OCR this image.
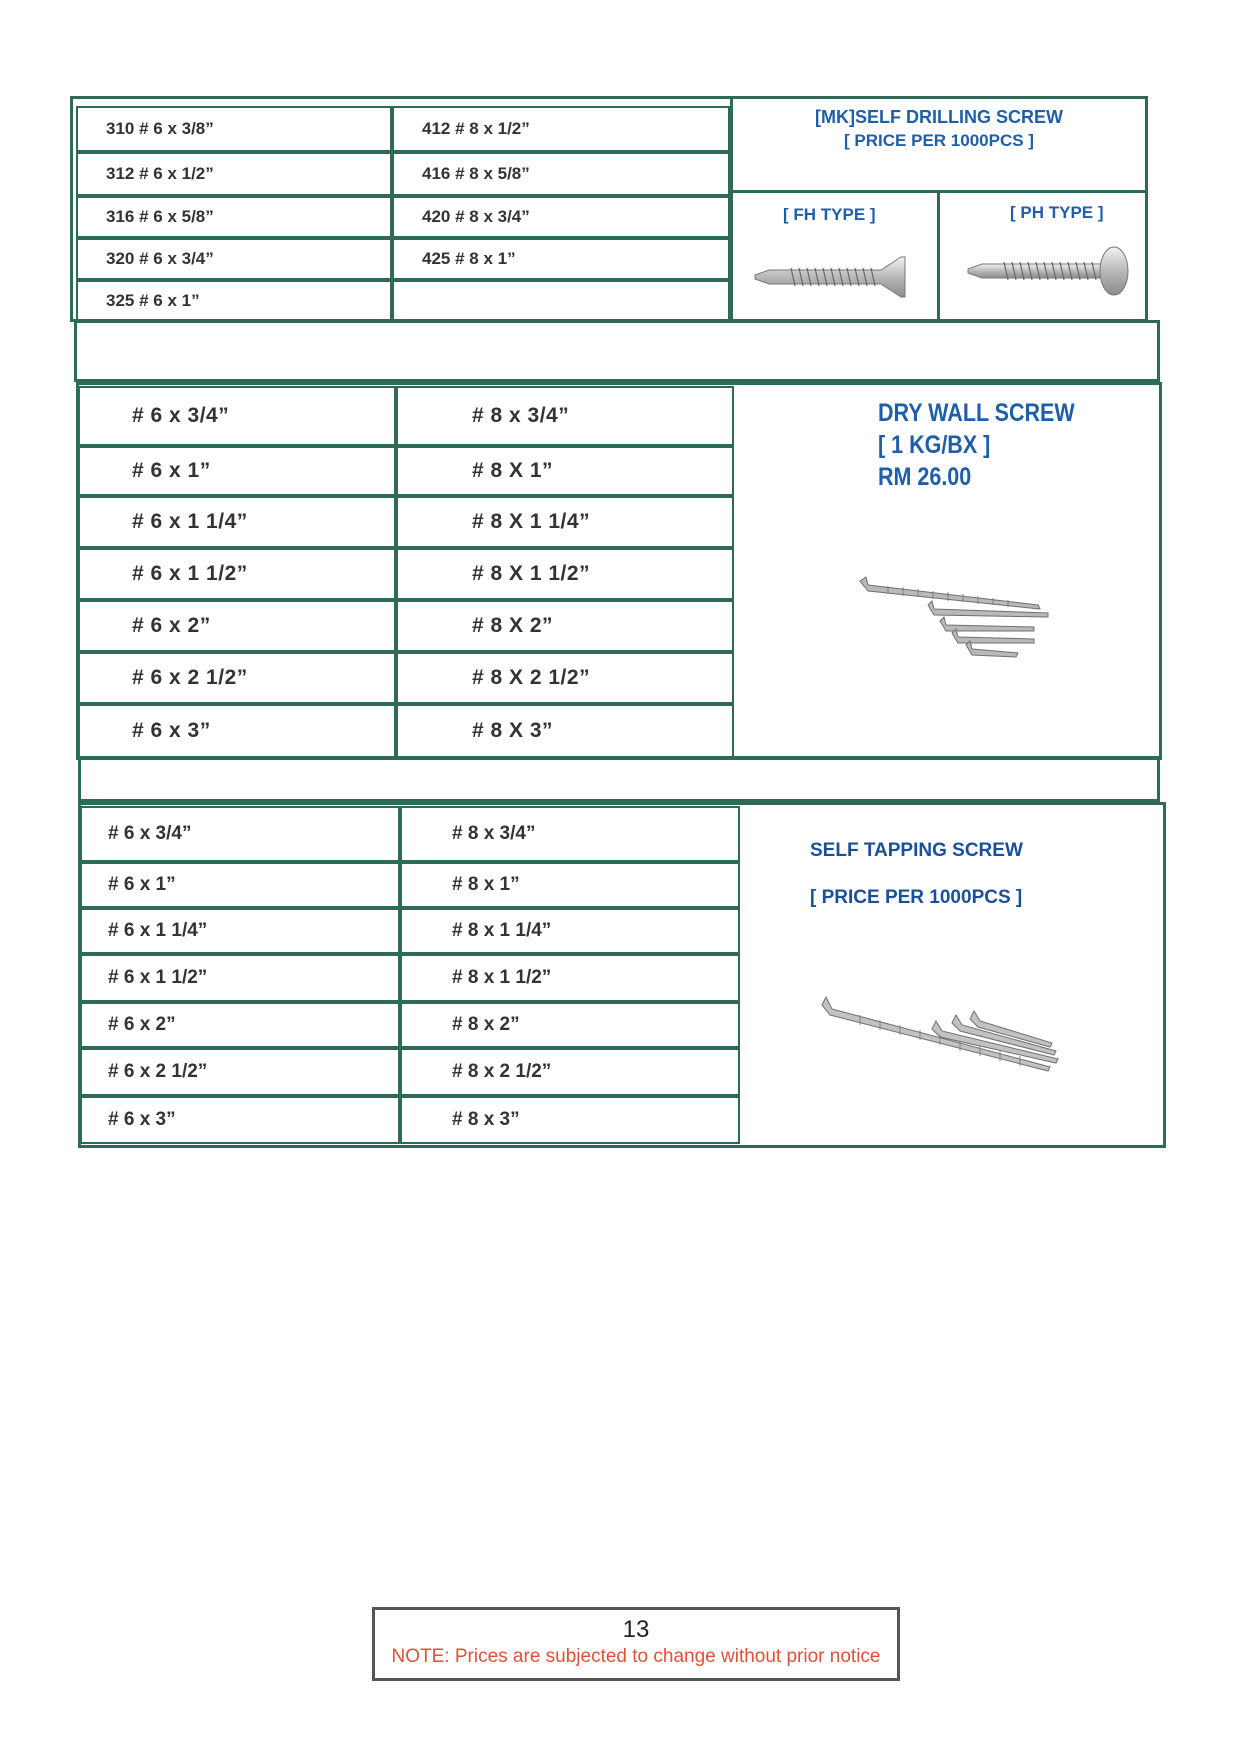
310 # 6 x 3/8”
312 # 6 x 1/2”
316 # 6 x 5/8”
320 # 6 x 3/4”
325 # 6 x 1”
412 # 8 x 1/2”
416 # 8 x 5/8”
420 # 8 x 3/4”
425 # 8 x 1”
[MK]SELF DRILLING SCREW
[ PRICE PER 1000PCS ]
[ FH TYPE ]	[ PH TYPE ]
# 6 x 3/4”
# 6 x 1”
# 6 x 1 1/4”
# 6 x 1 1/2”
# 6 x 2”
# 6 x 2 1/2”
# 6 x 3”
# 8 x 3/4”
# 8 X 1”
# 8 X 1 1/4”
# 8 X 1 1/2”
# 8 X 2”
# 8 X 2 1/2”
# 8 X 3”
DRY WALL SCREW
[ 1 KG/BX ]
RM 26.00
# 6 x 3/4”
# 6 x 1”
# 6 x 1 1/4”
# 6 x 1 1/2”
# 6 x 2”
# 6 x 2 1/2”
# 6 x 3”
# 8 x 3/4”
# 8 x 1”
# 8 x 1 1/4”
# 8 x 1 1/2”
# 8 x 2”
# 8 x 2 1/2”
# 8 x 3”
SELF TAPPING SCREW
[ PRICE PER 1000PCS ]
13
NOTE: Prices are subjected to change without prior notice
